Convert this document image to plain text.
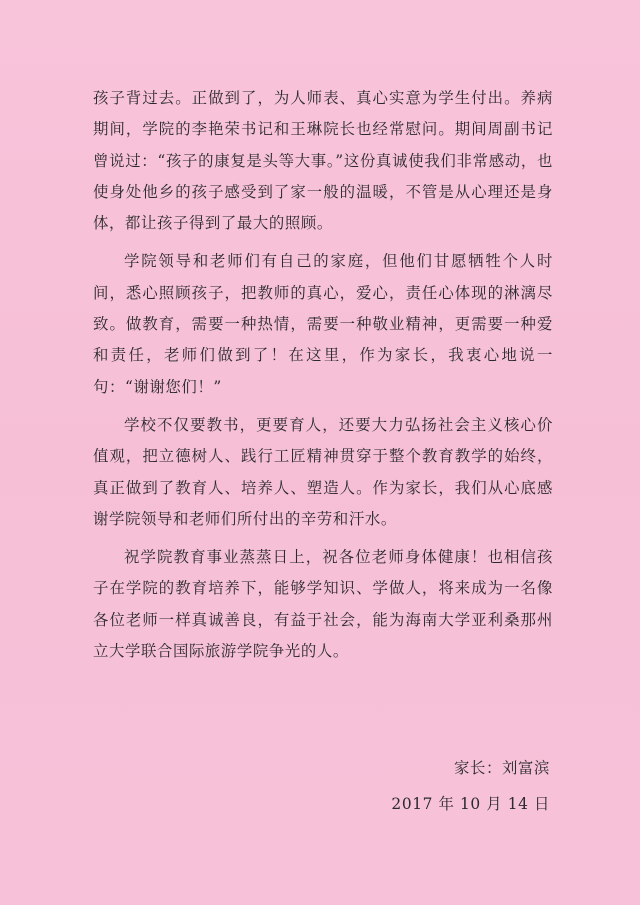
孩子背过去。正做到了，为人师表、真心实意为学生付出。养病期间，学院的李艳荣书记和王琳院长也经常慰问。期间周副书记曾说过：“孩子的康复是头等大事。”这份真诚使我们非常感动，也使身处他乡的孩子感受到了家一般的温暖，不管是从心理还是身体，都让孩子得到了最大的照顾。

学院领导和老师们有自己的家庭，但他们甘愿牺牲个人时间，悉心照顾孩子，把教师的真心，爱心，责任心体现的淋漓尽致。做教育，需要一种热情，需要一种敬业精神，更需要一种爱和责任，老师们做到了！在这里，作为家长，我衷心地说一句：“谢谢您们！”

学校不仅要教书，更要育人，还要大力弘扬社会主义核心价值观，把立德树人、践行工匠精神贯穿于整个教育教学的始终，真正做到了教育人、培养人、塑造人。作为家长，我们从心底感谢学院领导和老师们所付出的辛劳和汗水。

祝学院教育事业蒸蒸日上，祝各位老师身体健康！也相信孩子在学院的教育培养下，能够学知识、学做人，将来成为一名像各位老师一样真诚善良，有益于社会，能为海南大学亚利桑那州立大学联合国际旅游学院争光的人。

家长：刘富滨
2017 年 10 月 14 日
